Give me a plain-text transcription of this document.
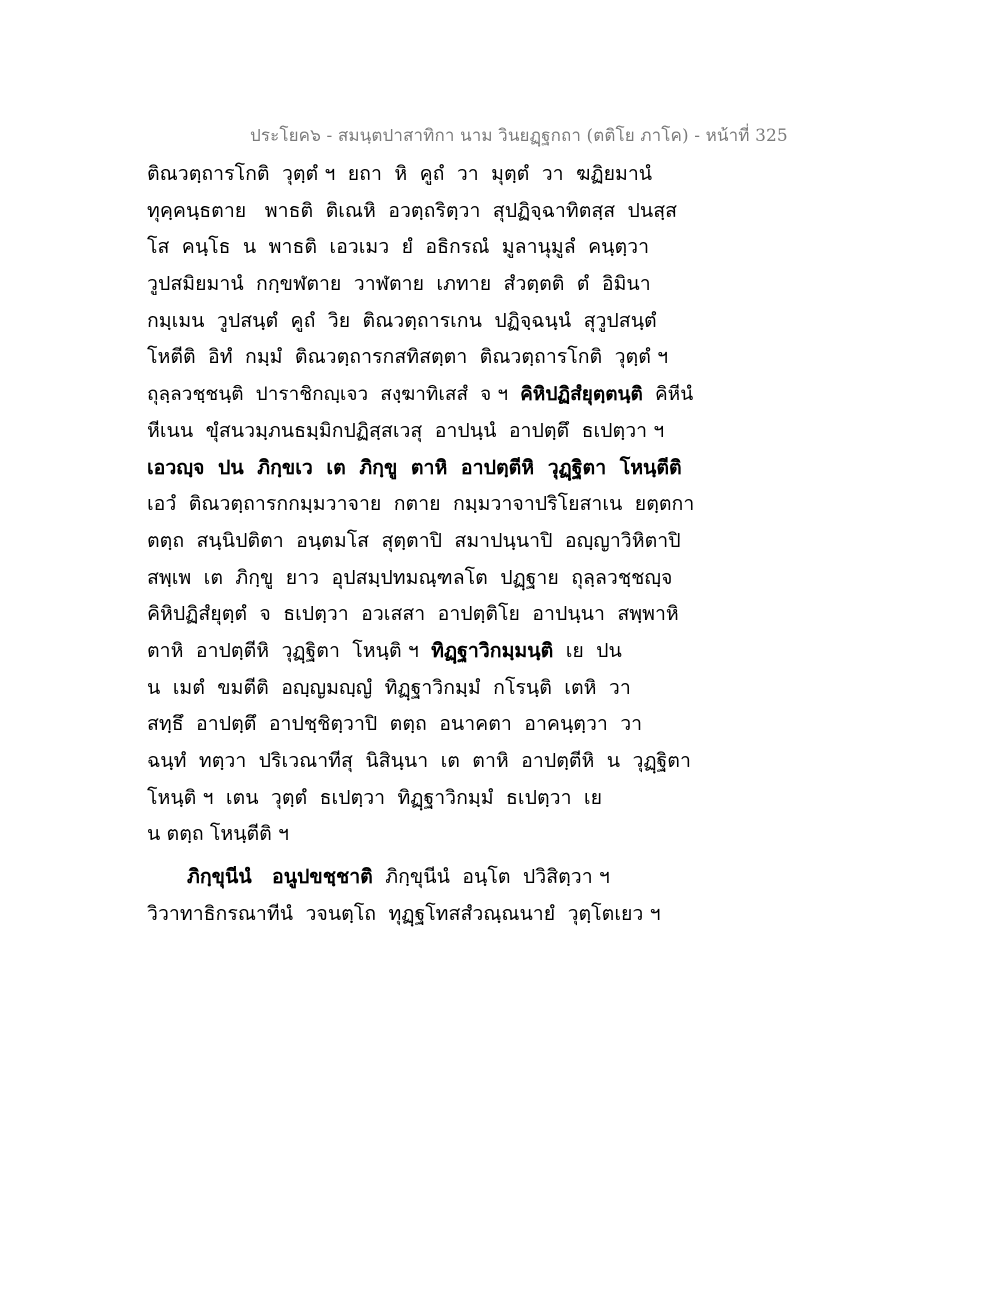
ประโยค๖ - สมนฺตปาสาทิกา นาม วินยฏฺฐกถา (ตติโย ภาโค) - หน้าที่ 325
ติณวตฺถารโกติ  วุตฺตํ ฯ  ยถา  หิ  คูถํ  วา  มุตฺตํ  วา  ฆฏิยมานํ
ทุคฺคนฺธตาย   พาธติ  ติเณหิ  อวตฺถริตฺวา  สุปฏิจฺฉาทิตสฺส  ปนสฺส
โส  คนฺโธ  น  พาธติ  เอวเมว  ยํ  อธิกรณํ  มูลานุมูลํ  คนฺตฺวา
วูปสมิยมานํ  กกฺขฬตาย  วาฬตาย  เภทาย  สํวตฺตติ  ตํ  อิมินา
กมฺเมน  วูปสนฺตํ  คูถํ  วิย  ติณวตฺถารเกน  ปฏิจฺฉนฺนํ  สุวูปสนฺตํ
โหตีติ  อิทํ  กมฺมํ  ติณวตฺถารกสทิสตฺตา  ติณวตฺถารโกติ  วุตฺตํ ฯ
ถุลฺลวชฺชนฺติ  ปาราชิกญฺเจว  สงฺฆาทิเสสํ  จ ฯ  คิหิปฏิสํยุตฺตนฺติ  คิหีนํ
หีเนน  ขุํสนวมฺภนธมฺมิกปฏิสฺสเวสุ  อาปนฺนํ  อาปตฺตึ  ธเปตฺวา ฯ
เอวญฺจ  ปน  ภิกฺขเว  เต  ภิกฺขู  ตาหิ  อาปตฺตีหิ  วุฏฺฐิตา  โหนฺตีติ
เอวํ  ติณวตฺถารกกมฺมวาจาย  กตาย  กมฺมวาจาปริโยสาเน  ยตฺตกา
ตตฺถ  สนฺนิปติตา  อนฺตมโส  สุตฺตาปิ  สมาปนฺนาปิ  อญฺญาวิหิตาปิ
สพฺเพ  เต  ภิกฺขู  ยาว  อุปสมฺปทมณฺฑลโต  ปฏฺฐาย  ถุลฺลวชฺชญฺจ
คิหิปฏิสํยุตฺตํ  จ  ธเปตฺวา  อวเสสา  อาปตฺติโย  อาปนฺนา  สพฺพาหิ
ตาหิ  อาปตฺตีหิ  วุฏฺฐิตา  โหนฺติ ฯ  ทิฏฺฐาวิกมฺมนฺติ  เย  ปน
น  เมตํ  ขมตีติ  อญฺญมญฺญํ  ทิฏฺฐาวิกมฺมํ  กโรนฺติ  เตหิ  วา
สทฺธึ  อาปตฺตึ  อาปชฺชิตฺวาปิ  ตตฺถ  อนาคตา  อาคนฺตฺวา  วา
ฉนฺทํ  ทตฺวา  ปริเวณาทีสุ  นิสินฺนา  เต  ตาหิ  อาปตฺตีหิ  น  วุฏฺฐิตา
โหนฺติ ฯ  เตน  วุตฺตํ  ธเปตฺวา  ทิฏฺฐาวิกมฺมํ  ธเปตฺวา  เย
น ตตฺถ โหนฺตีติ ฯ
ภิกฺขุนีนํ   อนูปขชฺชาติ  ภิกฺขุนีนํ  อนฺโต  ปวิสิตฺวา ฯ
วิวาทาธิกรณาทีนํ  วจนตฺโถ  ทุฏฺฐโทสสํวณฺณนายํ  วุตฺโตเยว ฯ
